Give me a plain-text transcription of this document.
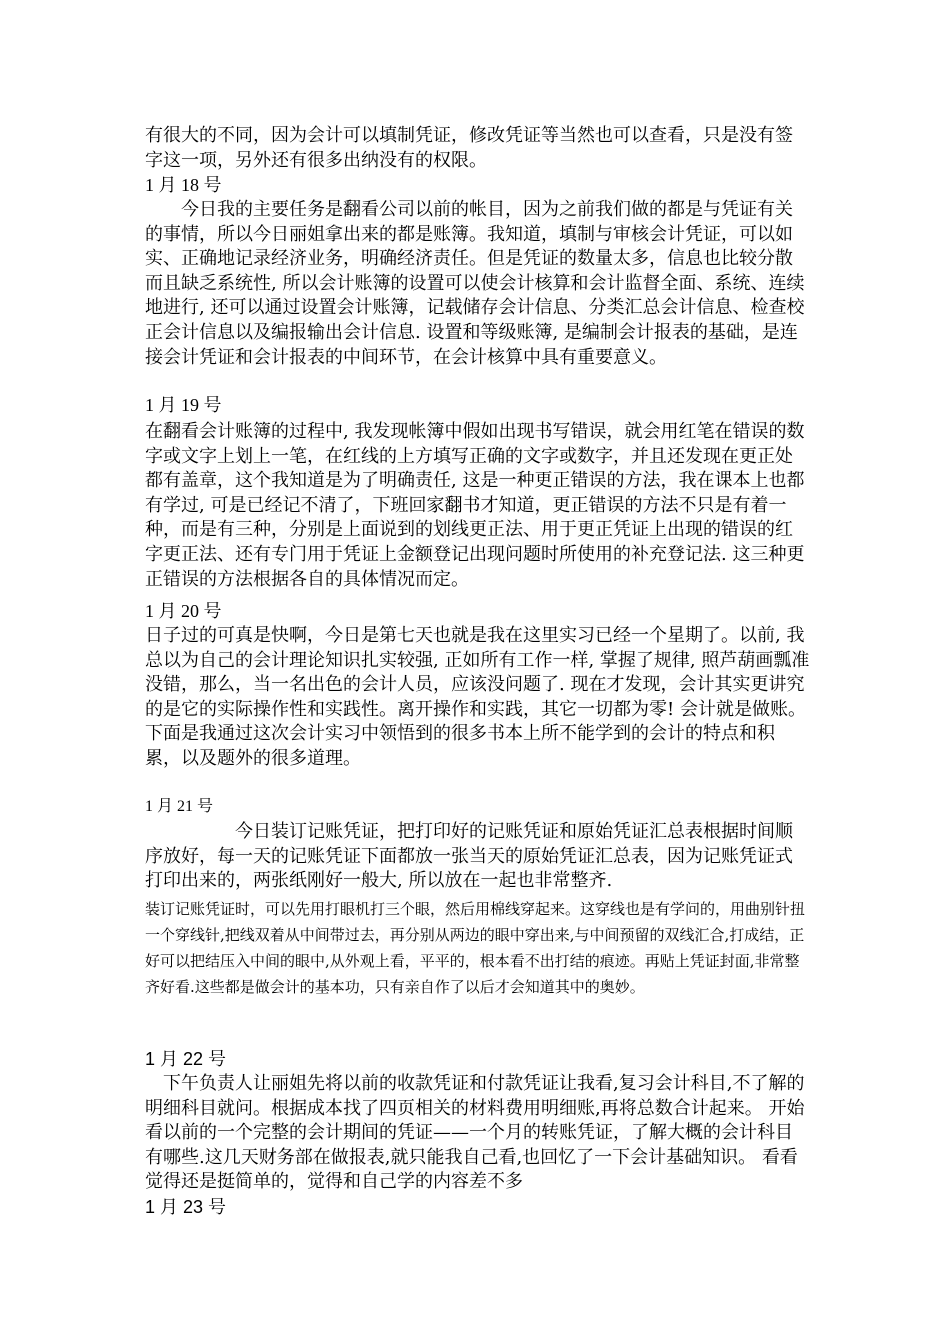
有很大的不同，因为会计可以填制凭证，修改凭证等当然也可以查看，只是没有签字这一项，另外还有很多出纳没有的权限。

1 月 18 号

　　今日我的主要任务是翻看公司以前的帐目，因为之前我们做的都是与凭证有关的事情，所以今日丽姐拿出来的都是账簿。我知道，填制与审核会计凭证，可以如实、正确地记录经济业务，明确经济责任。但是凭证的数量太多，信息也比较分散而且缺乏系统性, 所以会计账簿的设置可以使会计核算和会计监督全面、系统、连续地进行, 还可以通过设置会计账簿，记载储存会计信息、分类汇总会计信息、检查校正会计信息以及编报输出会计信息. 设置和等级账簿, 是编制会计报表的基础，是连接会计凭证和会计报表的中间环节，在会计核算中具有重要意义。

1 月 19 号

在翻看会计账簿的过程中, 我发现帐簿中假如出现书写错误，就会用红笔在错误的数字或文字上划上一笔，在红线的上方填写正确的文字或数字，并且还发现在更正处都有盖章，这个我知道是为了明确责任, 这是一种更正错误的方法，我在课本上也都有学过, 可是已经记不清了，下班回家翻书才知道，更正错误的方法不只是有着一种，而是有三种，分别是上面说到的划线更正法、用于更正凭证上出现的错误的红字更正法、还有专门用于凭证上金额登记出现问题时所使用的补充登记法. 这三种更正错误的方法根据各自的具体情况而定。

1 月 20 号

日子过的可真是快啊，今日是第七天也就是我在这里实习已经一个星期了。以前, 我总以为自己的会计理论知识扎实较强, 正如所有工作一样, 掌握了规律, 照芦葫画瓢准没错，那么，当一名出色的会计人员，应该没问题了. 现在才发现，会计其实更讲究的是它的实际操作性和实践性。离开操作和实践，其它一切都为零! 会计就是做账。下面是我通过这次会计实习中领悟到的很多书本上所不能学到的会计的特点和积累，以及题外的很多道理。

1 月 21 号

　　　　　今日装订记账凭证，把打印好的记账凭证和原始凭证汇总表根据时间顺序放好，每一天的记账凭证下面都放一张当天的原始凭证汇总表，因为记账凭证式打印出来的，两张纸刚好一般大, 所以放在一起也非常整齐.

装订记账凭证时，可以先用打眼机打三个眼，然后用棉线穿起来。这穿线也是有学问的，用曲别针扭一个穿线针,把线双着从中间带过去，再分别从两边的眼中穿出来,与中间预留的双线汇合,打成结，正好可以把结压入中间的眼中,从外观上看，平平的，根本看不出打结的痕迹。再贴上凭证封面,非常整齐好看.这些都是做会计的基本功，只有亲自作了以后才会知道其中的奥妙。

1 月 22 号

　下午负责人让丽姐先将以前的收款凭证和付款凭证让我看,复习会计科目,不了解的明细科目就问。根据成本找了四页相关的材料费用明细账,再将总数合计起来。 开始看以前的一个完整的会计期间的凭证——一个月的转账凭证，了解大概的会计科目有哪些.这几天财务部在做报表,就只能我自己看,也回忆了一下会计基础知识。 看看觉得还是挺简单的，觉得和自己学的内容差不多

1 月 23 号
